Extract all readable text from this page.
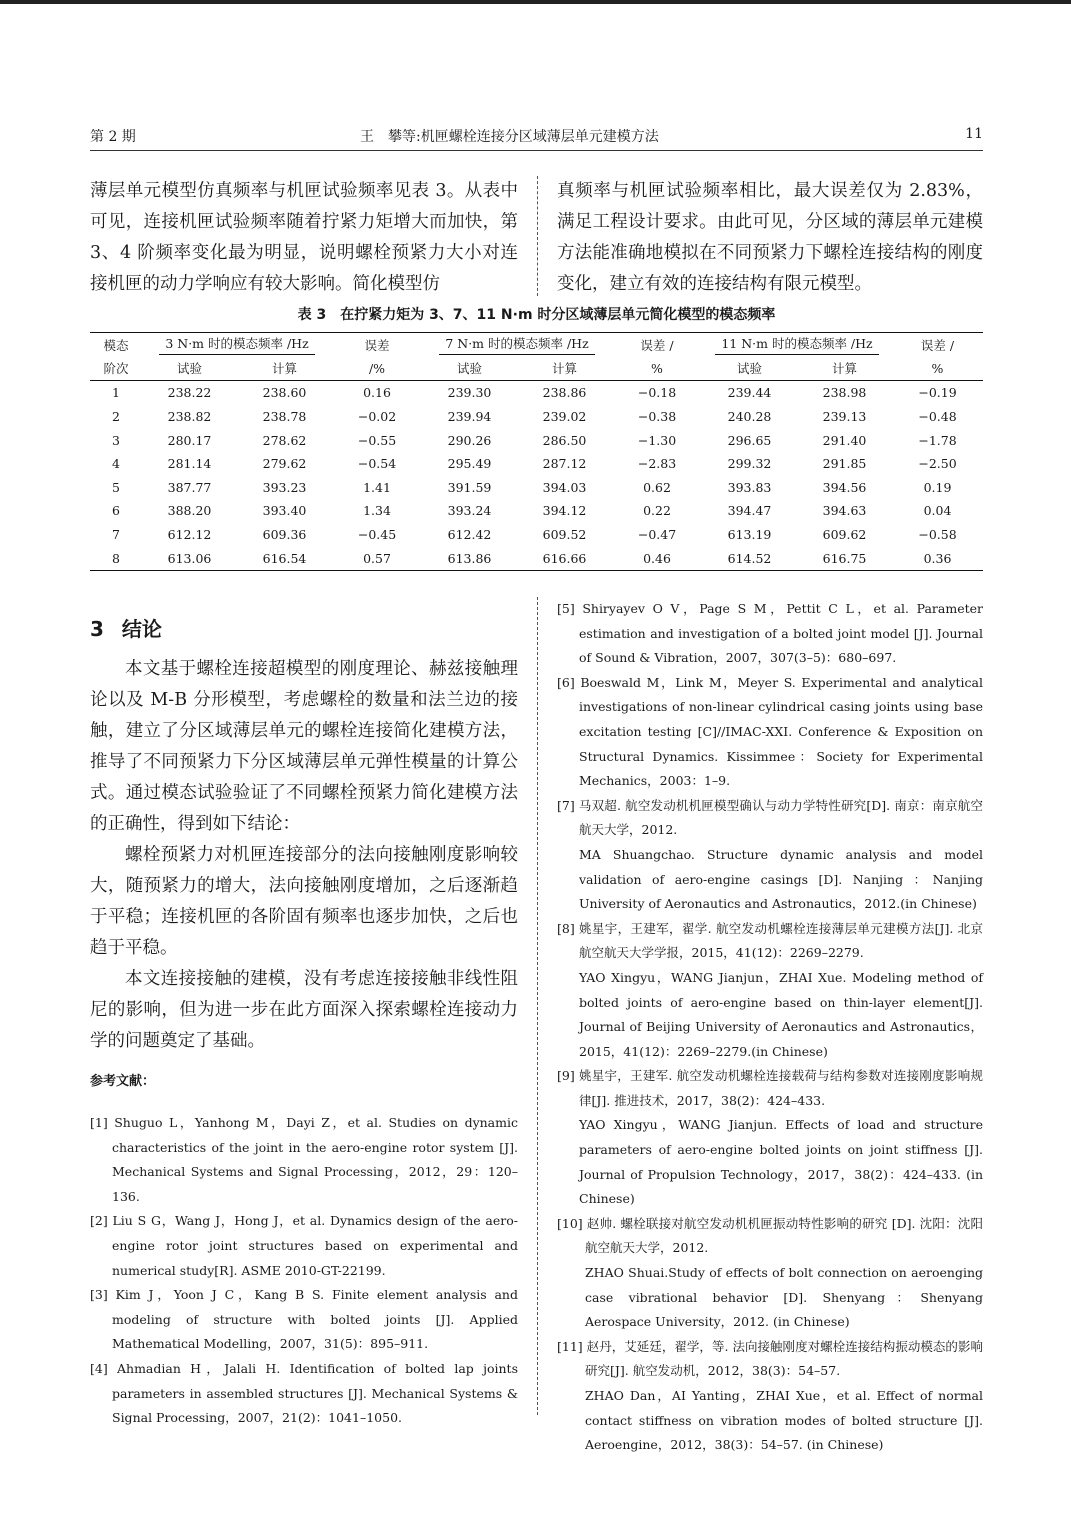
第 2 期	王　攀等:机匣螺栓连接分区域薄层单元建模方法	11
薄层单元模型仿真频率与机匣试验频率见表 3。从表中可见，连接机匣试验频率随着拧紧力矩增大而加快，第 3、4 阶频率变化最为明显，说明螺栓预紧力大小对连接机匣的动力学响应有较大影响。简化模型仿
真频率与机匣试验频率相比，最大误差仅为 2.83%，满足工程设计要求。由此可见，分区域的薄层单元建模方法能准确地模拟在不同预紧力下螺栓连接结构的刚度变化，建立有效的连接结构有限元模型。
表 3　在拧紧力矩为 3、7、11 N·m 时分区域薄层单元简化模型的模态频率
模态	3 N·m 时的模态频率 /Hz		误差	7 N·m 时的模态频率 /Hz		误差 /	11 N·m 时的模态频率 /Hz		误差 /
阶次	试验	计算	/%	试验	计算	%	试验	计算	%
1	238.22	238.60	0.16	239.30	238.86	−0.18	239.44	238.98	−0.19
2	238.82	238.78	−0.02	239.94	239.02	−0.38	240.28	239.13	−0.48
3	280.17	278.62	−0.55	290.26	286.50	−1.30	296.65	291.40	−1.78
4	281.14	279.62	−0.54	295.49	287.12	−2.83	299.32	291.85	−2.50
5	387.77	393.23	1.41	391.59	394.03	0.62	393.83	394.56	0.19
6	388.20	393.40	1.34	393.24	394.12	0.22	394.47	394.63	0.04
7	612.12	609.36	−0.45	612.42	609.52	−0.47	613.19	609.62	−0.58
8	613.06	616.54	0.57	613.86	616.66	0.46	614.52	616.75	0.36
3 结论

本文基于螺栓连接超模型的刚度理论、赫兹接触理论以及 M-B 分形模型，考虑螺栓的数量和法兰边的接触，建立了分区域薄层单元的螺栓连接简化建模方法，推导了不同预紧力下分区域薄层单元弹性模量的计算公式。通过模态试验验证了不同螺栓预紧力简化建模方法的正确性，得到如下结论：

螺栓预紧力对机匣连接部分的法向接触刚度影响较大，随预紧力的增大，法向接触刚度增加，之后逐渐趋于平稳；连接机匣的各阶固有频率也逐步加快，之后也趋于平稳。

本文连接接触的建模，没有考虑连接接触非线性阻尼的影响，但为进一步在此方面深入探索螺栓连接动力学的问题奠定了基础。

参考文献：

[1] Shuguo L，Yanhong M，Dayi Z，et al. Studies on dynamic characteristics of the joint in the aero-engine rotor system [J]. Mechanical Systems and Signal Processing，2012，29：120–136.

[2] Liu S G，Wang J，Hong J，et al. Dynamics design of the aero-engine rotor joint structures based on experimental and numerical study[R]. ASME 2010-GT-22199.

[3] Kim J，Yoon J C，Kang B S. Finite element analysis and modeling of structure with bolted joints [J]. Applied Mathematical Modelling，2007，31(5)：895–911.

[4] Ahmadian H，Jalali H. Identification of bolted lap joints parameters in assembled structures [J]. Mechanical Systems & Signal Processing，2007，21(2)：1041–1050.

[5] Shiryayev O V，Page S M，Pettit C L，et al. Parameter estimation and investigation of a bolted joint model [J]. Journal of Sound & Vibration，2007，307(3–5)：680–697.

[6] Boeswald M，Link M，Meyer S. Experimental and analytical investigations of non-linear cylindrical casing joints using base excitation testing [C]//IMAC-XXI. Conference & Exposition on Structural Dynamics. Kissimmee：Society for Experimental Mechanics，2003：1–9.

[7] 马双超. 航空发动机机匣模型确认与动力学特性研究[D]. 南京：南京航空航天大学，2012.
MA Shuangchao. Structure dynamic analysis and model validation of aero-engine casings [D]. Nanjing ：Nanjing University of Aeronautics and Astronautics，2012.(in Chinese)

[8] 姚星宇，王建军，翟学. 航空发动机螺栓连接薄层单元建模方法[J]. 北京航空航天大学学报，2015，41(12)：2269–2279.
YAO Xingyu，WANG Jianjun，ZHAI Xue. Modeling method of bolted joints of aero-engine based on thin-layer element[J]. Journal of Beijing University of Aeronautics and Astronautics，2015，41(12)：2269–2279.(in Chinese)

[9] 姚星宇，王建军. 航空发动机螺栓连接载荷与结构参数对连接刚度影响规律[J]. 推进技术，2017，38(2)：424–433.
YAO Xingyu，WANG Jianjun. Effects of load and structure parameters of aero-engine bolted joints on joint stiffness [J]. Journal of Propulsion Technology，2017，38(2)：424–433. (in Chinese)

[10] 赵帅. 螺栓联接对航空发动机机匣振动特性影响的研究 [D]. 沈阳：沈阳航空航天大学，2012.
ZHAO Shuai.Study of effects of bolt connection on aeroenging case vibrational behavior [D]. Shenyang：Shenyang Aerospace University，2012. (in Chinese)

[11] 赵丹，艾延廷，翟学，等. 法向接触刚度对螺栓连接结构振动模态的影响研究[J]. 航空发动机，2012，38(3)：54–57.
ZHAO Dan，AI Yanting，ZHAI Xue，et al. Effect of normal contact stiffness on vibration modes of bolted structure [J]. Aeroengine，2012，38(3)：54–57. (in Chinese)
